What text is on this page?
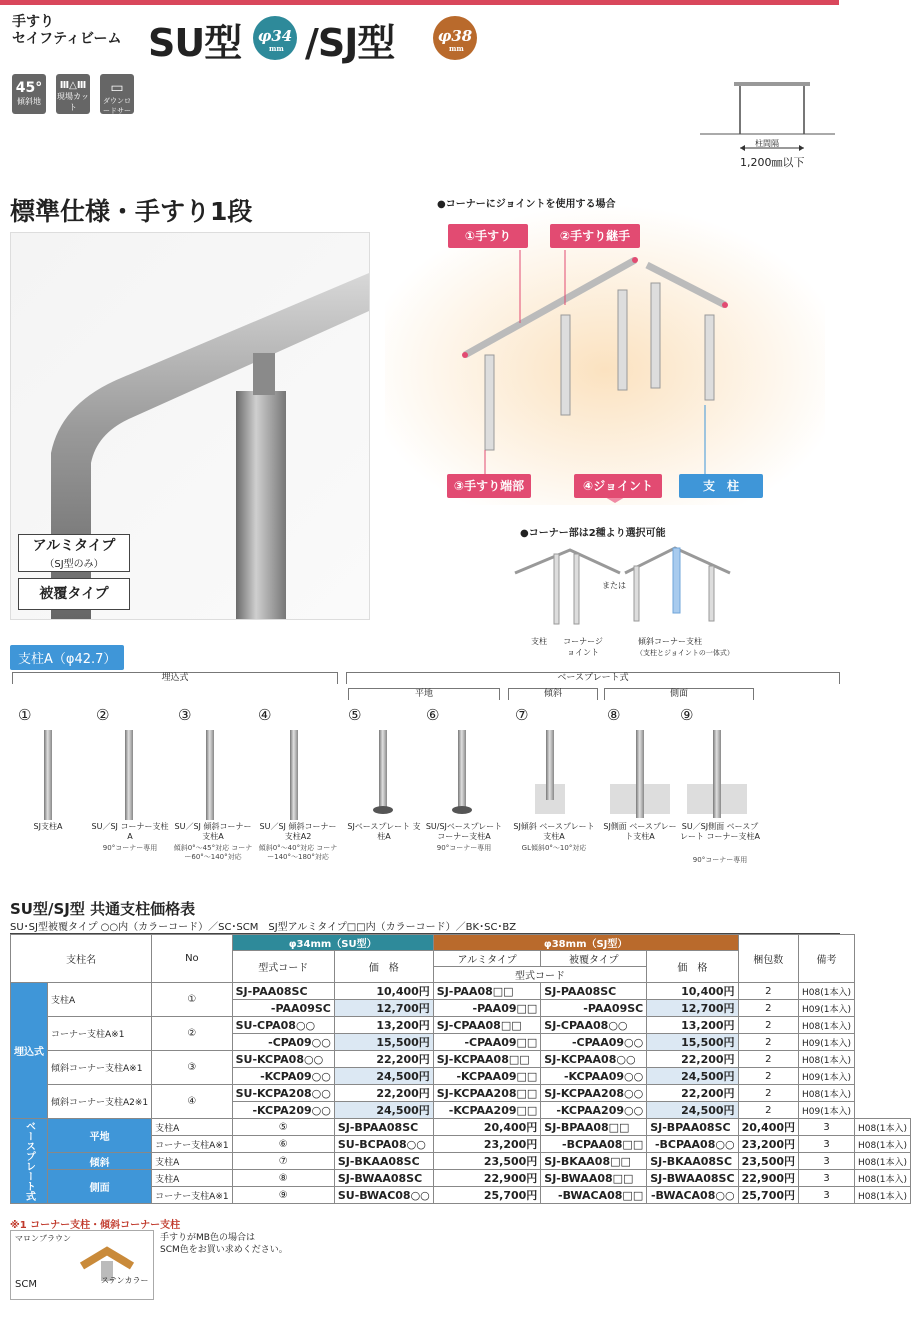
手すり
セイフティビーム SU型	φ34
mm /SJ型	φ38
mm
45°
傾斜地
Ⅲ△Ⅲ
現場カット
▭
ダウンロードサービス
柱間隔
1,200㎜以下
標準仕様・手すり1段
アルミタイプ
（SJ型のみ）
被覆タイプ
●コーナーにジョイントを使用する場合
①手すり	②手すり継手
③手すり端部	④ジョイント	支　柱
●コーナー部は2種より選択可能
または
支柱 コーナージョイント
傾斜コーナー支柱
（支柱とジョイントの一体式）
支柱A（φ42.7）
埋込式	ベースプレート式
平地	傾斜	側面
①	②	③	④	⑤	⑥	⑦	⑧	⑨
SJ支柱A	SU／SJ コーナー支柱A
90°コーナー専用
SU／SJ 傾斜コーナー支柱A
傾斜0°～45°対応 コーナー60°～140°対応
SU／SJ 傾斜コーナー支柱A2
傾斜0°～40°対応 コーナー140°～180°対応
SJベースプレート 支柱A
SU/SJベースプレート コーナー支柱A
90°コーナー専用
SJ傾斜 ベースプレート支柱A
GL傾斜0°～10°対応
SJ側面 ベースプレート支柱A
SU／SJ側面 ベースプレート コーナー支柱A
90°コーナー専用
SU型/SJ型 共通支柱価格表
SU･SJ型被覆タイプ ○○内（カラーコード）／SC･SCM　SJ型アルミタイプ□□内（カラーコード）／BK･SC･BZ
支柱名		No	φ34mm（SU型）		φ38mm（SJ型）			梱包数	備考	
			型式コード	価　格	アルミタイプ	被覆タイプ	価　格			
					型式コード					
埋込式	支柱A	①	SJ-PAA08SC	10,400円	SJ-PAA08□□	SJ-PAA08SC	10,400円	2	H08(1本入)	
			-PAA09SC	12,700円	-PAA09□□	-PAA09SC	12,700円	2	H09(1本入)	
	コーナー支柱A※1	②	SU-CPA08○○	13,200円	SJ-CPAA08□□	SJ-CPAA08○○	13,200円	2	H08(1本入)	
			-CPA09○○	15,500円	-CPAA09□□	-CPAA09○○	15,500円	2	H09(1本入)	
	傾斜コーナー支柱A※1	③	SU-KCPA08○○	22,200円	SJ-KCPAA08□□	SJ-KCPAA08○○	22,200円	2	H08(1本入)	
			-KCPA09○○	24,500円	-KCPAA09□□	-KCPAA09○○	24,500円	2	H09(1本入)	
	傾斜コーナー支柱A2※1	④	SU-KCPA208○○	22,200円	SJ-KCPAA208□□	SJ-KCPAA208○○	22,200円	2	H08(1本入)	
			-KCPA209○○	24,500円	-KCPAA209□□	-KCPAA209○○	24,500円	2	H09(1本入)	
ベースプレート式	平地	支柱A	⑤	SJ-BPAA08SC	20,400円	SJ-BPAA08□□	SJ-BPAA08SC	20,400円	3	H08(1本入)
		コーナー支柱A※1	⑥	SU-BCPA08○○	23,200円	-BCPAA08□□	-BCPAA08○○	23,200円	3	H08(1本入)
	傾斜	支柱A	⑦	SJ-BKAA08SC	23,500円	SJ-BKAA08□□	SJ-BKAA08SC	23,500円	3	H08(1本入)
	側面	支柱A	⑧	SJ-BWAA08SC	22,900円	SJ-BWAA08□□	SJ-BWAA08SC	22,900円	3	H08(1本入)
		コーナー支柱A※1	⑨	SU-BWAC08○○	25,700円	-BWACA08□□	-BWACA08○○	25,700円	3	H08(1本入)
※1 コーナー支柱・傾斜コーナー支柱
マロンブラウン
SCM	ステンカラー
手すりがMB色の場合は
SCM色をお買い求めください。
